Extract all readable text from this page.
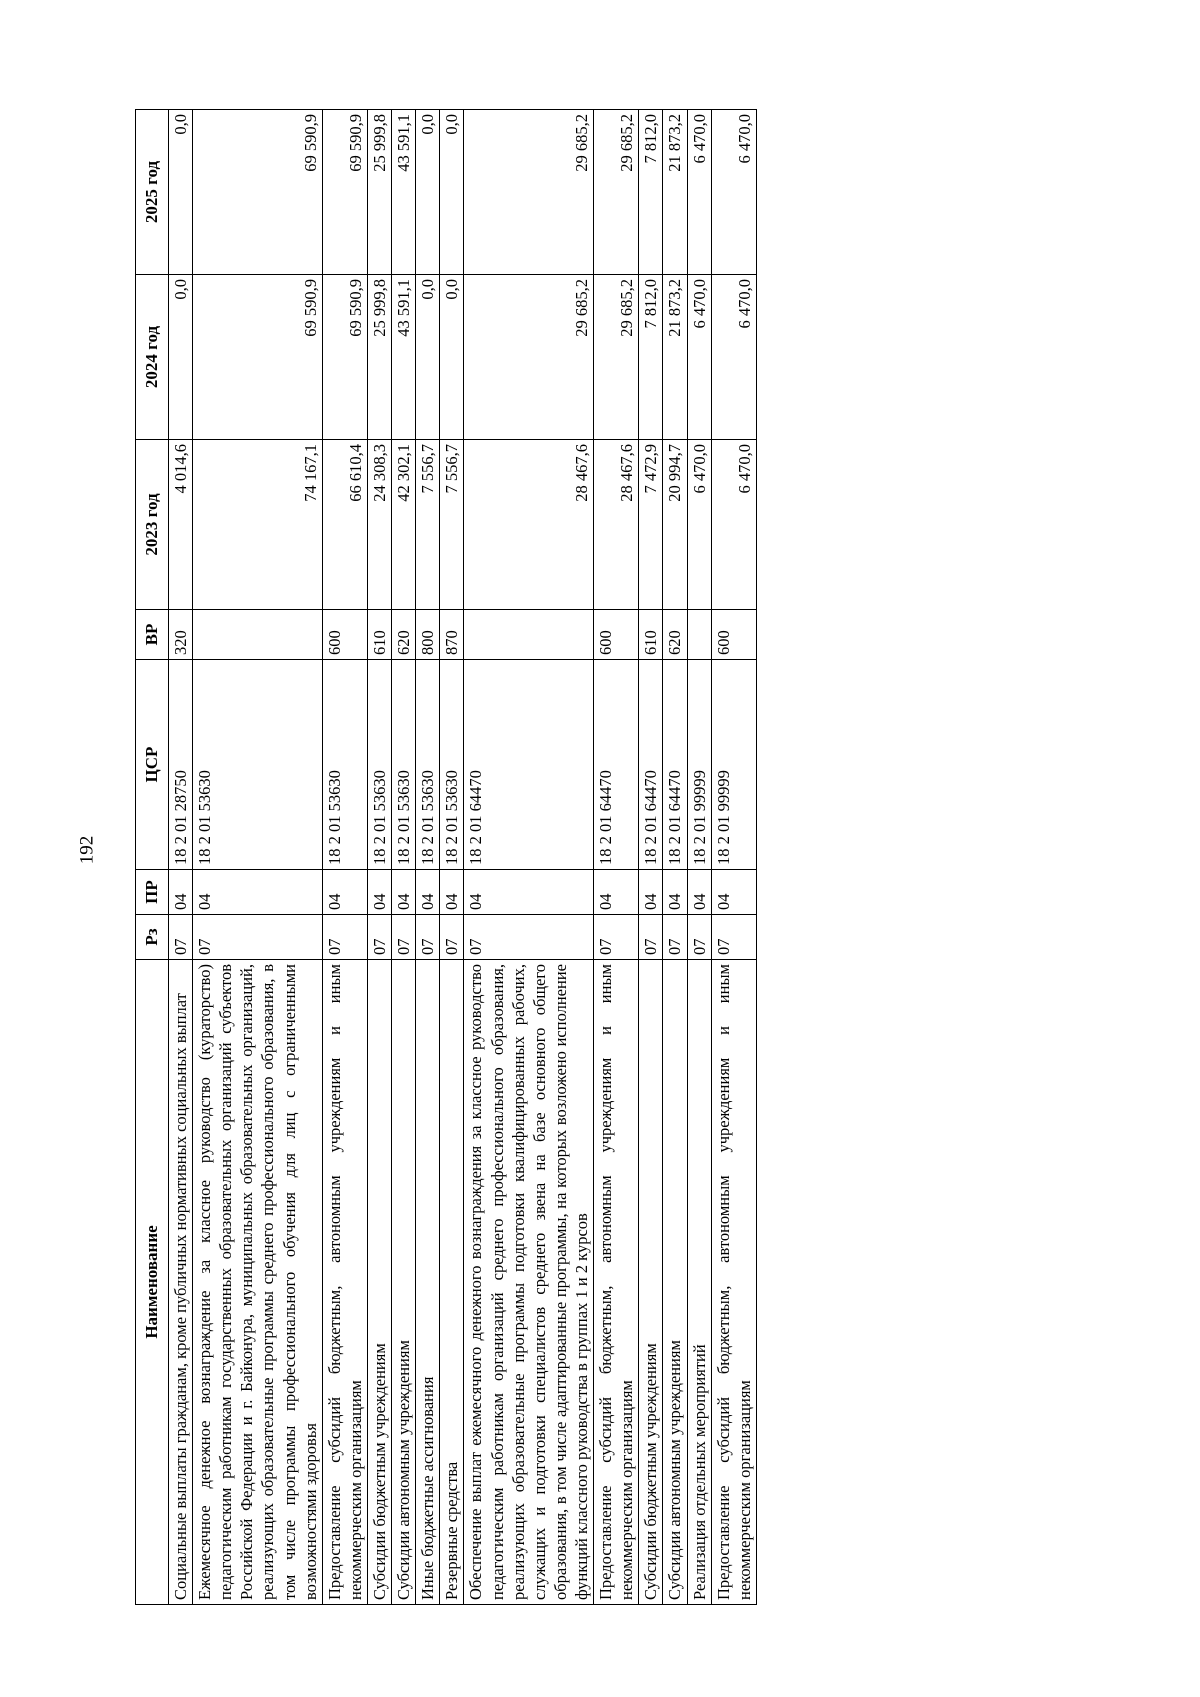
192
Наименование	Рз	ПР	ЦСР	ВР	2023 год	2024 год	2025 год
Социальные выплаты гражданам, кроме публичных нормативных социальных выплат	07	04	18 2 01 28750	320	4 014,6	0,0	0,0
Ежемесячное денежное вознаграждение за классное руководство (кураторство) педагогическим работникам государственных образовательных организаций субъектов Российской Федерации и г. Байконура, муниципальных образовательных организаций, реализующих образовательные программы среднего профессионального образования, в том числе программы профессионального обучения для лиц с ограниченными возможностями здоровья	07	04	18 2 01 53630		74 167,1	69 590,9	69 590,9
Предоставление субсидий бюджетным, автономным учреждениям и иным некоммерческим организациям	07	04	18 2 01 53630	600	66 610,4	69 590,9	69 590,9
Субсидии бюджетным учреждениям	07	04	18 2 01 53630	610	24 308,3	25 999,8	25 999,8
Субсидии автономным учреждениям	07	04	18 2 01 53630	620	42 302,1	43 591,1	43 591,1
Иные бюджетные ассигнования	07	04	18 2 01 53630	800	7 556,7	0,0	0,0
Резервные средства	07	04	18 2 01 53630	870	7 556,7	0,0	0,0
Обеспечение выплат ежемесячного денежного вознаграждения за классное руководство педагогическим работникам организаций среднего профессионального образования, реализующих образовательные программы подготовки квалифицированных рабочих, служащих и подготовки специалистов среднего звена на базе основного общего образования, в том числе адаптированные программы, на которых возложено исполнение функций классного руководства в группах 1 и 2 курсов	07	04	18 2 01 64470		28 467,6	29 685,2	29 685,2
Предоставление субсидий бюджетным, автономным учреждениям и иным некоммерческим организациям	07	04	18 2 01 64470	600	28 467,6	29 685,2	29 685,2
Субсидии бюджетным учреждениям	07	04	18 2 01 64470	610	7 472,9	7 812,0	7 812,0
Субсидии автономным учреждениям	07	04	18 2 01 64470	620	20 994,7	21 873,2	21 873,2
Реализация отдельных мероприятий	07	04	18 2 01 99999		6 470,0	6 470,0	6 470,0
Предоставление субсидий бюджетным, автономным учреждениям и иным некоммерческим организациям	07	04	18 2 01 99999	600	6 470,0	6 470,0	6 470,0
